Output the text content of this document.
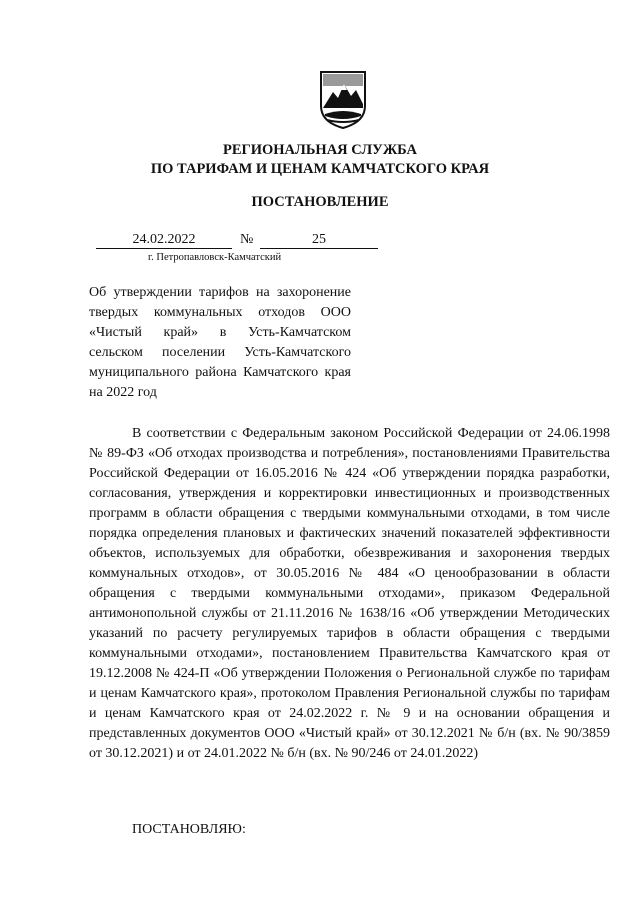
РЕГИОНАЛЬНАЯ СЛУЖБА
ПО ТАРИФАМ И ЦЕНАМ КАМЧАТСКОГО КРАЯ
ПОСТАНОВЛЕНИЕ
24.02.2022	№	25
г. Петропавловск-Камчатский
Об утверждении тарифов на захоронение твердых коммунальных отходов ООО «Чистый край» в Усть-Камчатском сельском поселении Усть-Камчатского муниципального района Камчатского края на 2022 год
В соответствии с Федеральным законом Российской Федерации от 24.06.1998 № 89-ФЗ «Об отходах производства и потребления», постановлениями Правительства Российской Федерации от 16.05.2016 № 424 «Об утверждении порядка разработки, согласования, утверждения и корректировки инвестиционных и производственных программ в области обращения с твердыми коммунальными отходами, в том числе порядка определения плановых и фактических значений показателей эффективности объектов, используемых для обработки, обезвреживания и захоронения твердых коммунальных отходов», от 30.05.2016 № 484 «О ценообразовании в области обращения с твердыми коммунальными отходами», приказом Федеральной антимонопольной службы от 21.11.2016 № 1638/16 «Об утверждении Методических указаний по расчету регулируемых тарифов в области обращения с твердыми коммунальными отходами», постановлением Правительства Камчатского края от 19.12.2008 № 424-П «Об утверждении Положения о Региональной службе по тарифам и ценам Камчатского края», протоколом Правления Региональной службы по тарифам и ценам Камчатского края от 24.02.2022 г. № 9 и на основании обращения и представленных документов ООО «Чистый край» от 30.12.2021 № б/н (вх. № 90/3859 от 30.12.2021) и от 24.01.2022 № б/н (вх. № 90/246 от 24.01.2022)
ПОСТАНОВЛЯЮ:
